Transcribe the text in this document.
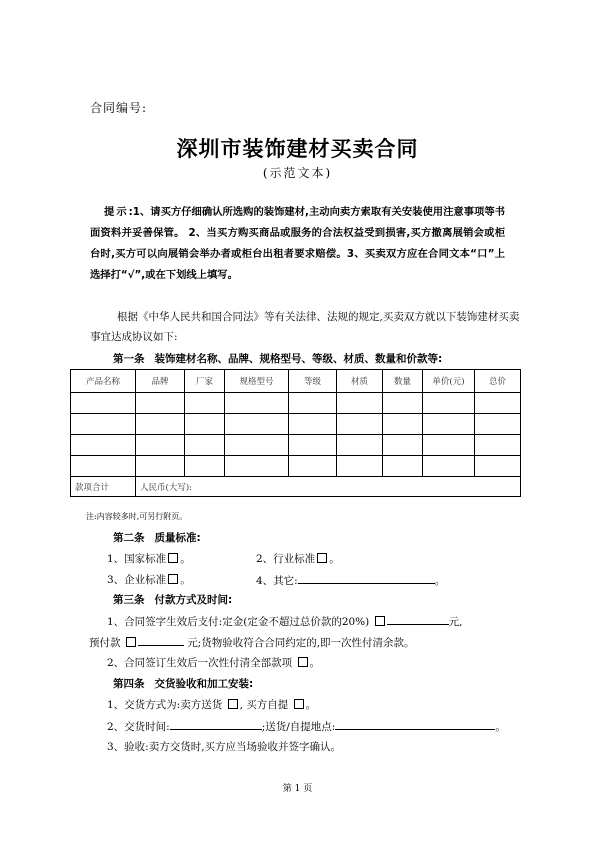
合同编号:
深圳市装饰建材买卖合同
(示范文本)
提示:1、请买方仔细确认所选购的装饰建材,主动向卖方索取有关安装使用注意事项等书面资料并妥善保管。 2、当买方购买商品或服务的合法权益受到损害,买方撤离展销会或柜台时,买方可以向展销会举办者或柜台出租者要求赔偿。3、买卖双方应在合同文本“口”上选择打“√”,或在下划线上填写。
根据《中华人民共和国合同法》等有关法律、法规的规定,买卖双方就以下装饰建材买卖事宜达成协议如下:
第一条 装饰建材名称、品牌、规格型号、等级、材质、数量和价款等:
产品名称	品牌	厂家	规格型号	等级	材质	数量	单价(元)	总价

款项合计	人民币(大写):							
注:内容较多时,可另行附页。
第二条 质量标准:
1、国家标准 。	2、行业标准 。
3、企业标准 。	4、其它:	。
第三条 付款方式及时间:
1、合同签字生效后支付:定金(定金不超过总价款的20%)	元,
预付款	元;货物验收符合合同约定的,即一次性付清余款。
2、合同签订生效后一次性付清全部款项 。
第四条 交货验收和加工安装:
1、交货方式为:卖方送货 , 买方自提 。
2、交货时间:	;送货/自提地点:	。
3、验收:卖方交货时,买方应当场验收并签字确认。
第 1 页
